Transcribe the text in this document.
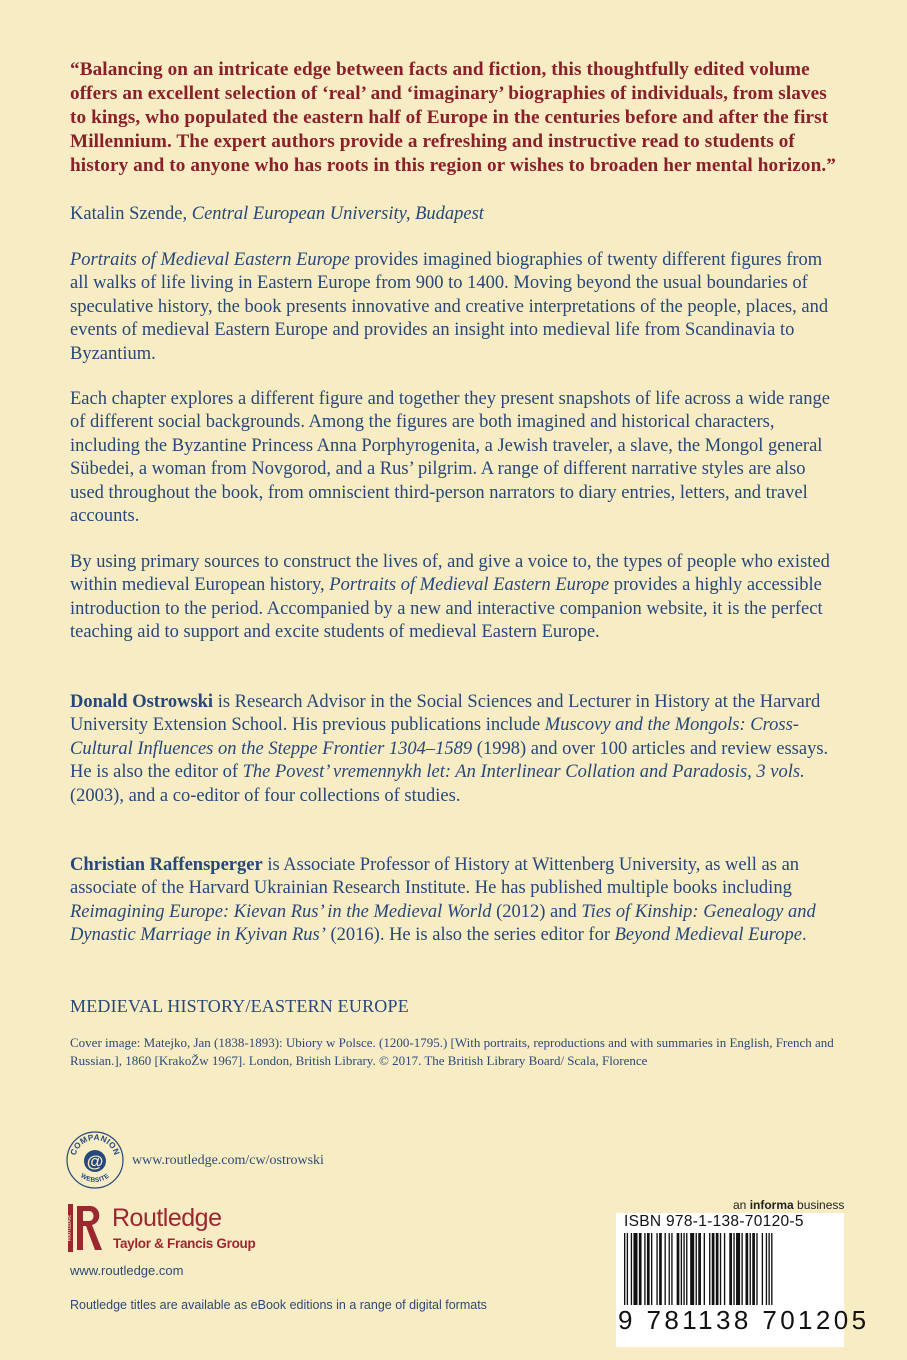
“Balancing on an intricate edge between facts and fiction, this thoughtfully edited volume offers an excellent selection of ‘real’ and ‘imaginary’ biographies of individuals, from slaves to kings, who populated the eastern half of Europe in the centuries before and after the first Millennium. The expert authors provide a refreshing and instructive read to students of history and to anyone who has roots in this region or wishes to broaden her mental horizon.”
Katalin Szende, Central European University, Budapest
Portraits of Medieval Eastern Europe provides imagined biographies of twenty different figures from all walks of life living in Eastern Europe from 900 to 1400. Moving beyond the usual boundaries of speculative history, the book presents innovative and creative interpretations of the people, places, and events of medieval Eastern Europe and provides an insight into medieval life from Scandinavia to Byzantium.
Each chapter explores a different figure and together they present snapshots of life across a wide range of different social backgrounds. Among the figures are both imagined and historical characters, including the Byzantine Princess Anna Porphyrogenita, a Jewish traveler, a slave, the Mongol general Sübedei, a woman from Novgorod, and a Rus’ pilgrim. A range of different narrative styles are also used throughout the book, from omniscient third-person narrators to diary entries, letters, and travel accounts.
By using primary sources to construct the lives of, and give a voice to, the types of people who existed within medieval European history, Portraits of Medieval Eastern Europe provides a highly accessible introduction to the period. Accompanied by a new and interactive companion website, it is the perfect teaching aid to support and excite students of medieval Eastern Europe.
Donald Ostrowski is Research Advisor in the Social Sciences and Lecturer in History at the Harvard University Extension School. His previous publications include Muscovy and the Mongols: Cross-Cultural Influences on the Steppe Frontier 1304–1589 (1998) and over 100 articles and review essays. He is also the editor of The Povest’ vremennykh let: An Interlinear Collation and Paradosis, 3 vols. (2003), and a co-editor of four collections of studies.
Christian Raffensperger is Associate Professor of History at Wittenberg University, as well as an associate of the Harvard Ukrainian Research Institute. He has published multiple books including Reimagining Europe: Kievan Rus’ in the Medieval World (2012) and Ties of Kinship: Genealogy and Dynastic Marriage in Kyivan Rus’ (2016). He is also the series editor for Beyond Medieval Europe.
MEDIEVAL HISTORY/EASTERN EUROPE
Cover image: Matejko, Jan (1838-1893): Ubiory w Polsce. (1200-1795.) [With portraits, reproductions and with summaries in English, French and Russian.], 1860 [KrakoŽw 1967]. London, British Library. © 2017. The British Library Board/ Scala, Florence
COMPANION
@
WEBSITE
www.routledge.com/cw/ostrowski
ROUTLEDGE Routledge
Taylor & Francis Group
www.routledge.com
Routledge titles are available as eBook editions in a range of digital formats
an informa business
ISBN 978-1-138-70120-5
9 781138 701205
